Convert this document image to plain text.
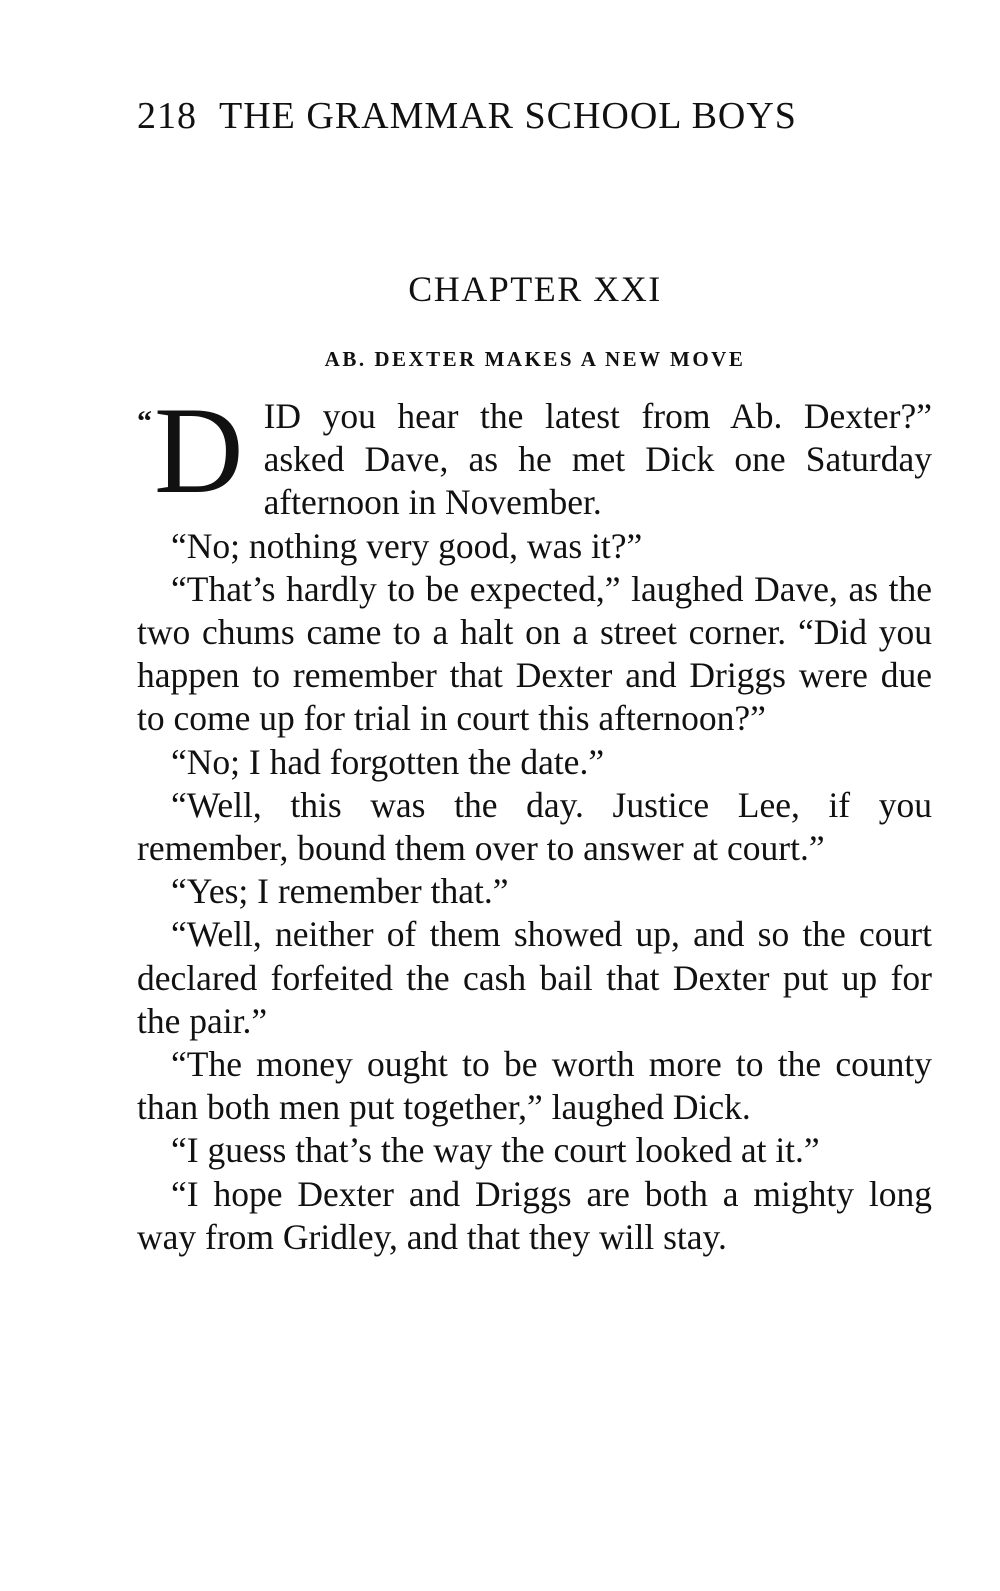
218 THE GRAMMAR SCHOOL BOYS
CHAPTER XXI
AB. DEXTER MAKES A NEW MOVE

“ D ID you hear the latest from Ab. Dexter?” asked Dave, as he met Dick one Saturday afternoon in November.

“No; nothing very good, was it?”

“That’s hardly to be expected,” laughed Dave, as the two chums came to a halt on a street corner. “Did you happen to remember that Dexter and Driggs were due to come up for trial in court this afternoon?”

“No; I had forgotten the date.”

“Well, this was the day. Justice Lee, if you remember, bound them over to answer at court.”

“Yes; I remember that.”

“Well, neither of them showed up, and so the court declared forfeited the cash bail that Dexter put up for the pair.”

“The money ought to be worth more to the county than both men put together,” laughed Dick.

“I guess that’s the way the court looked at it.”

“I hope Dexter and Driggs are both a mighty long way from Gridley, and that they will stay.
